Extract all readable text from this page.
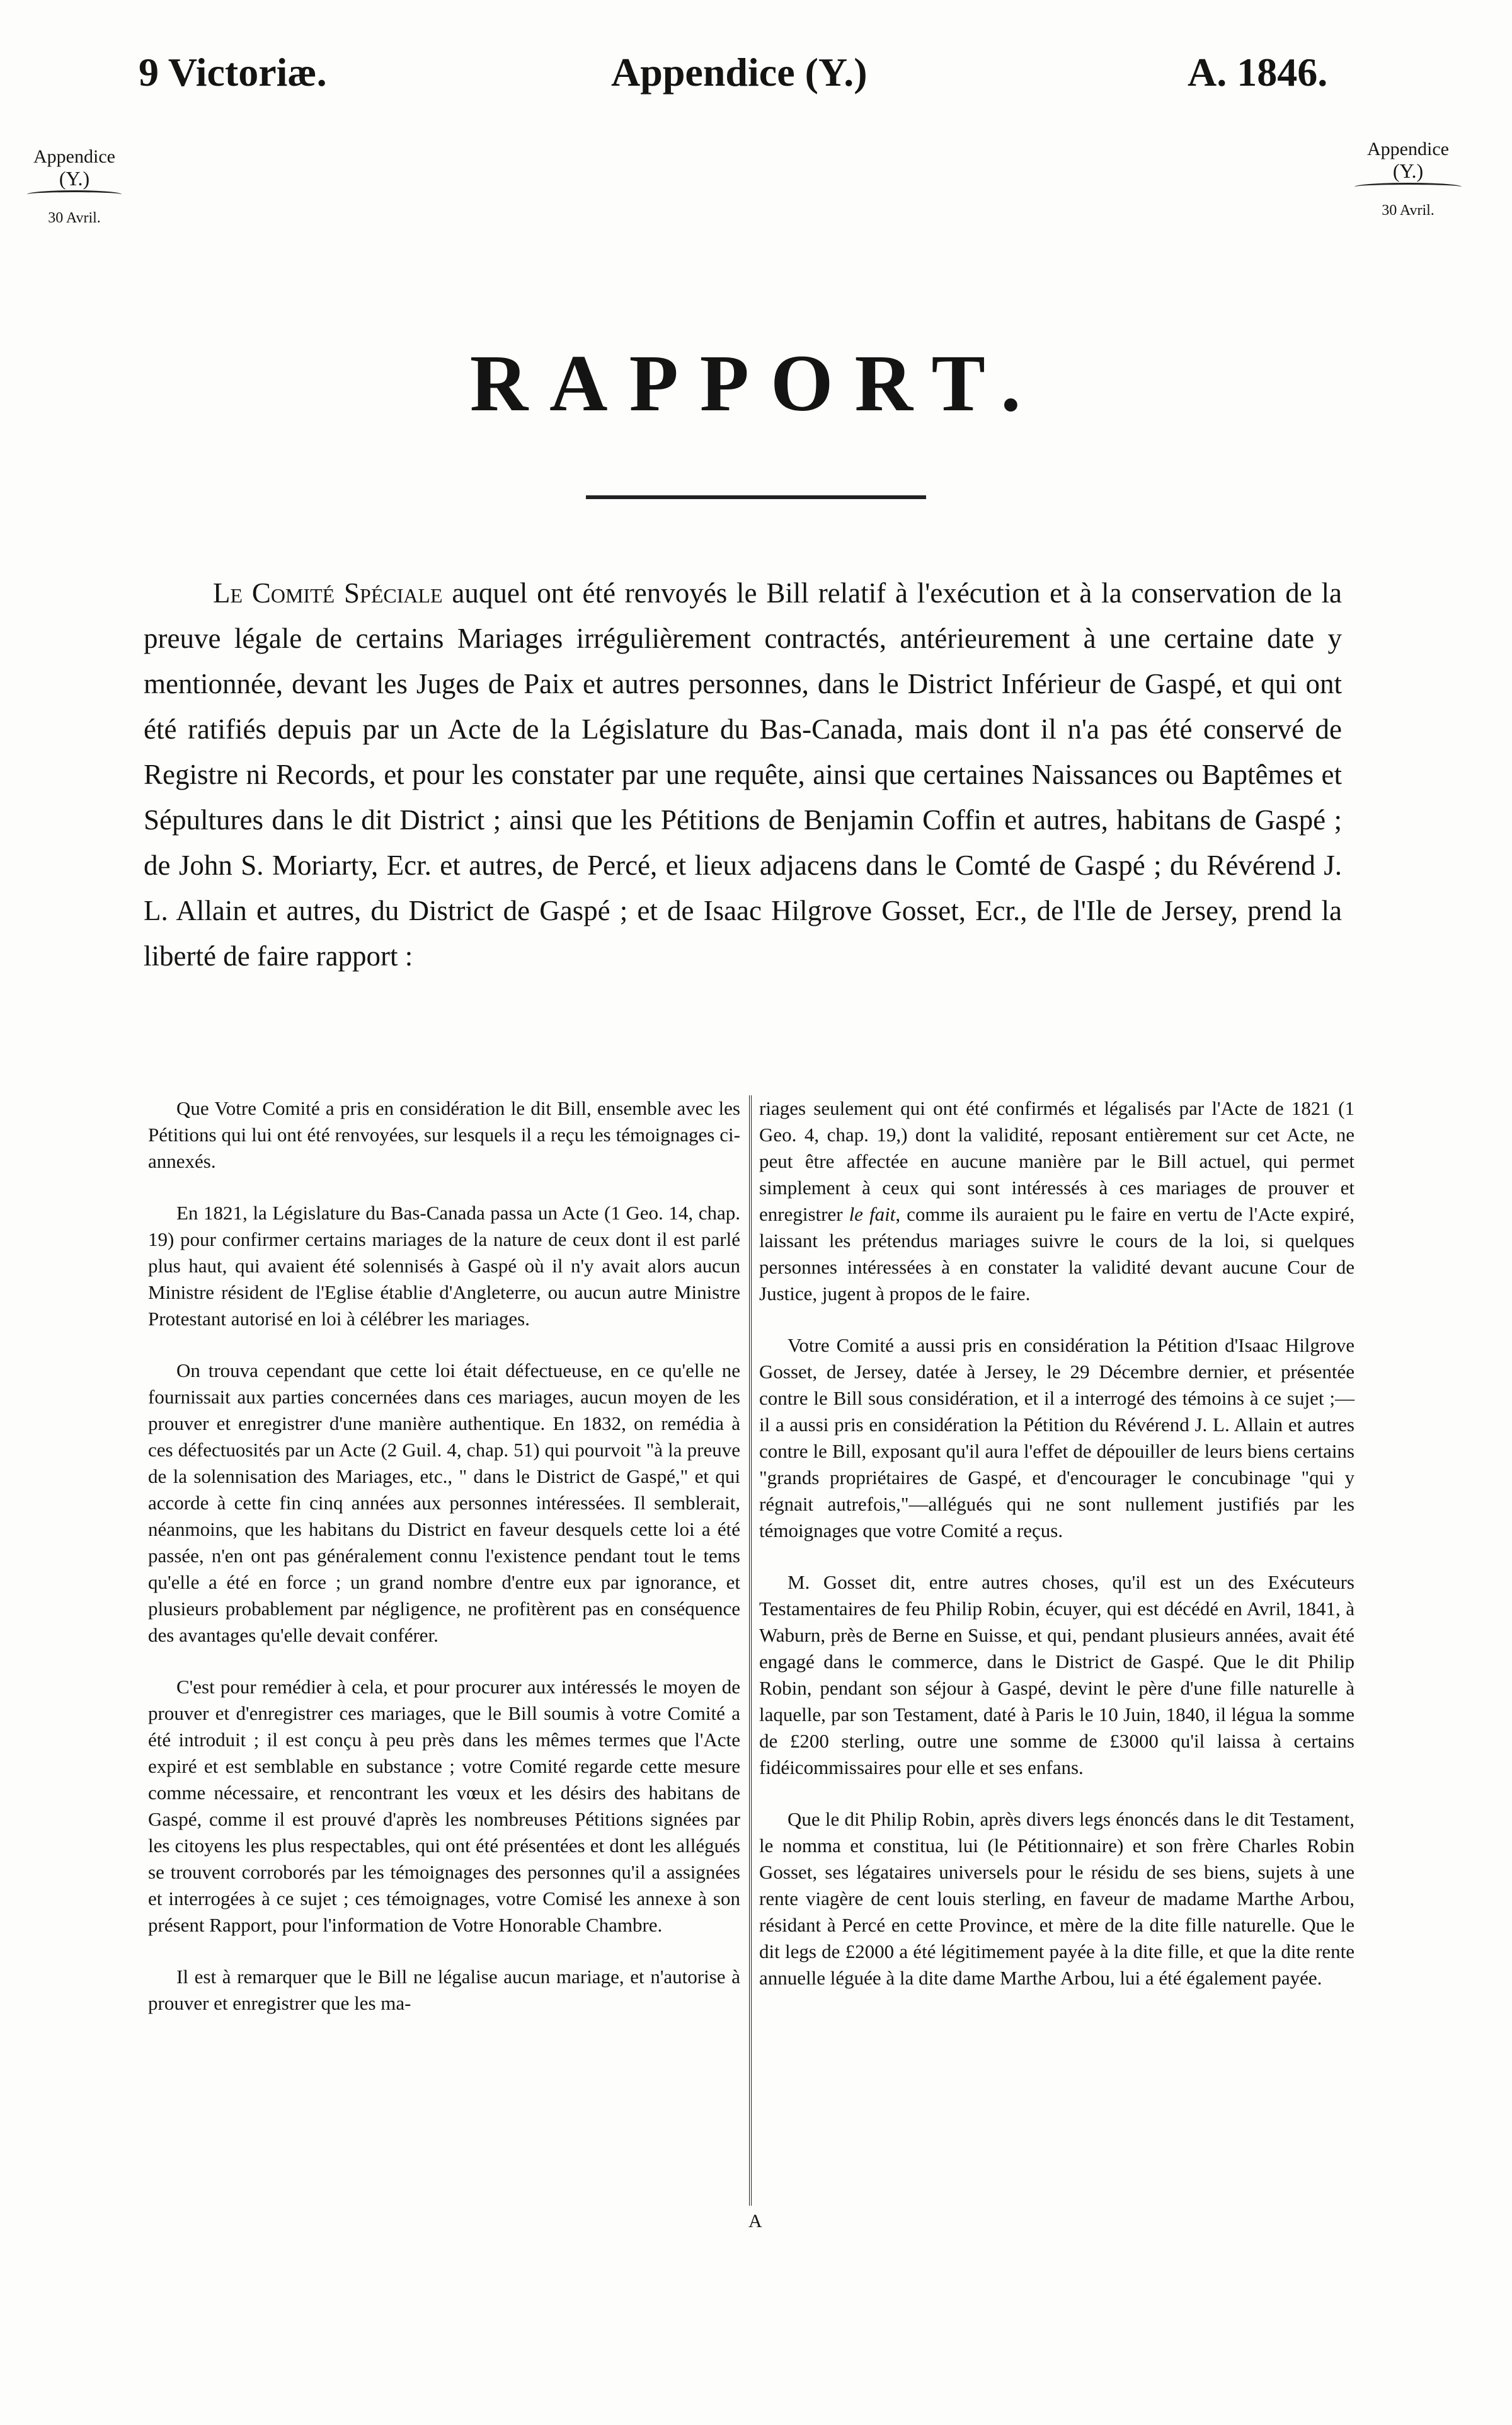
9 Victoriæ.	Appendice (Y.)	A. 1846.
Appendice
(Y.)
30 Avril.
Appendice
(Y.)
30 Avril.
RAPPORT.

Le Comité Spéciale auquel ont été renvoyés le Bill relatif à l'exécution et à la conservation de la preuve légale de certains Mariages irrégulièrement contractés, antérieurement à une certaine date y mentionnée, devant les Juges de Paix et autres personnes, dans le District Inférieur de Gaspé, et qui ont été ratifiés depuis par un Acte de la Législature du Bas-Canada, mais dont il n'a pas été conservé de Registre ni Records, et pour les constater par une requête, ainsi que certaines Naissances ou Baptêmes et Sépultures dans le dit District ; ainsi que les Pétitions de Benjamin Coffin et autres, habitans de Gaspé ; de John S. Moriarty, Ecr. et autres, de Percé, et lieux adjacens dans le Comté de Gaspé ; du Révérend J. L. Allain et autres, du District de Gaspé ; et de Isaac Hilgrove Gosset, Ecr., de l'Ile de Jersey, prend la liberté de faire rapport :

Que Votre Comité a pris en considération le dit Bill, ensemble avec les Pétitions qui lui ont été renvoyées, sur lesquels il a reçu les témoignages ci-annexés.

En 1821, la Législature du Bas-Canada passa un Acte (1 Geo. 14, chap. 19) pour confirmer certains mariages de la nature de ceux dont il est parlé plus haut, qui avaient été solennisés à Gaspé où il n'y avait alors aucun Ministre résident de l'Eglise établie d'Angleterre, ou aucun autre Ministre Protestant autorisé en loi à célébrer les mariages.

On trouva cependant que cette loi était défectueuse, en ce qu'elle ne fournissait aux parties concernées dans ces mariages, aucun moyen de les prouver et enregistrer d'une manière authentique. En 1832, on remédia à ces défectuosités par un Acte (2 Guil. 4, chap. 51) qui pourvoit "à la preuve de la solennisation des Mariages, etc., " dans le District de Gaspé," et qui accorde à cette fin cinq années aux personnes intéressées. Il semblerait, néanmoins, que les habitans du District en faveur desquels cette loi a été passée, n'en ont pas généralement connu l'existence pendant tout le tems qu'elle a été en force ; un grand nombre d'entre eux par ignorance, et plusieurs probablement par négligence, ne profitèrent pas en conséquence des avantages qu'elle devait conférer.

C'est pour remédier à cela, et pour procurer aux intéressés le moyen de prouver et d'enregistrer ces mariages, que le Bill soumis à votre Comité a été introduit ; il est conçu à peu près dans les mêmes termes que l'Acte expiré et est semblable en substance ; votre Comité regarde cette mesure comme nécessaire, et rencontrant les vœux et les désirs des habitans de Gaspé, comme il est prouvé d'après les nombreuses Pétitions signées par les citoyens les plus respectables, qui ont été présentées et dont les allégués se trouvent corroborés par les témoignages des personnes qu'il a assignées et interrogées à ce sujet ; ces témoignages, votre Comisé les annexe à son présent Rapport, pour l'information de Votre Honorable Chambre.

Il est à remarquer que le Bill ne légalise aucun mariage, et n'autorise à prouver et enregistrer que les ma-

riages seulement qui ont été confirmés et légalisés par l'Acte de 1821 (1 Geo. 4, chap. 19,) dont la validité, reposant entièrement sur cet Acte, ne peut être affectée en aucune manière par le Bill actuel, qui permet simplement à ceux qui sont intéressés à ces mariages de prouver et enregistrer le fait, comme ils auraient pu le faire en vertu de l'Acte expiré, laissant les prétendus mariages suivre le cours de la loi, si quelques personnes intéressées à en constater la validité devant aucune Cour de Justice, jugent à propos de le faire.

Votre Comité a aussi pris en considération la Pétition d'Isaac Hilgrove Gosset, de Jersey, datée à Jersey, le 29 Décembre dernier, et présentée contre le Bill sous considération, et il a interrogé des témoins à ce sujet ;—il a aussi pris en considération la Pétition du Révérend J. L. Allain et autres contre le Bill, exposant qu'il aura l'effet de dépouiller de leurs biens certains "grands propriétaires de Gaspé, et d'encourager le concubinage "qui y régnait autrefois,"—allégués qui ne sont nullement justifiés par les témoignages que votre Comité a reçus.

M. Gosset dit, entre autres choses, qu'il est un des Exécuteurs Testamentaires de feu Philip Robin, écuyer, qui est décédé en Avril, 1841, à Waburn, près de Berne en Suisse, et qui, pendant plusieurs années, avait été engagé dans le commerce, dans le District de Gaspé. Que le dit Philip Robin, pendant son séjour à Gaspé, devint le père d'une fille naturelle à laquelle, par son Testament, daté à Paris le 10 Juin, 1840, il légua la somme de £200 sterling, outre une somme de £3000 qu'il laissa à certains fidéicommissaires pour elle et ses enfans.

Que le dit Philip Robin, après divers legs énoncés dans le dit Testament, le nomma et constitua, lui (le Pétitionnaire) et son frère Charles Robin Gosset, ses légataires universels pour le résidu de ses biens, sujets à une rente viagère de cent louis sterling, en faveur de madame Marthe Arbou, résidant à Percé en cette Province, et mère de la dite fille naturelle. Que le dit legs de £2000 a été légitimement payée à la dite fille, et que la dite rente annuelle léguée à la dite dame Marthe Arbou, lui a été également payée.

A
